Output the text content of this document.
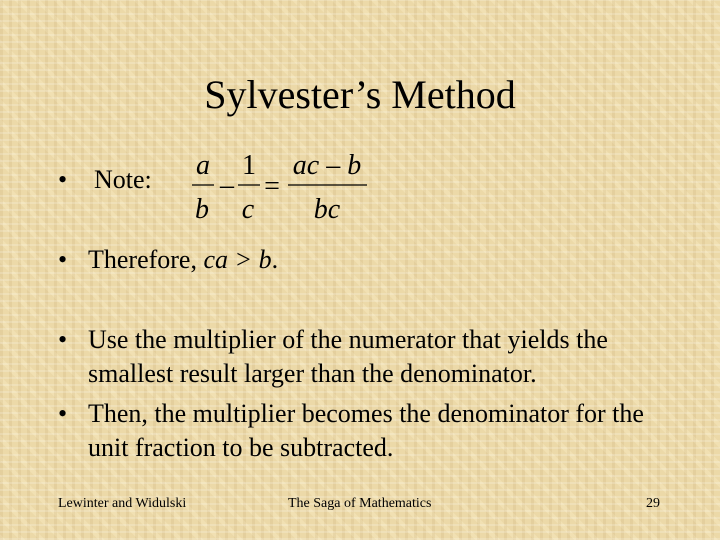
Sylvester’s Method
• Note: a
b
–
1
c
=
ac – b
bc
• Therefore, ca > b.
• Use the multiplier of the numerator that yields the smallest result larger than the denominator.
• Then, the multiplier becomes the denominator for the unit fraction to be subtracted.
Lewinter and Widulski	The Saga of Mathematics	29
